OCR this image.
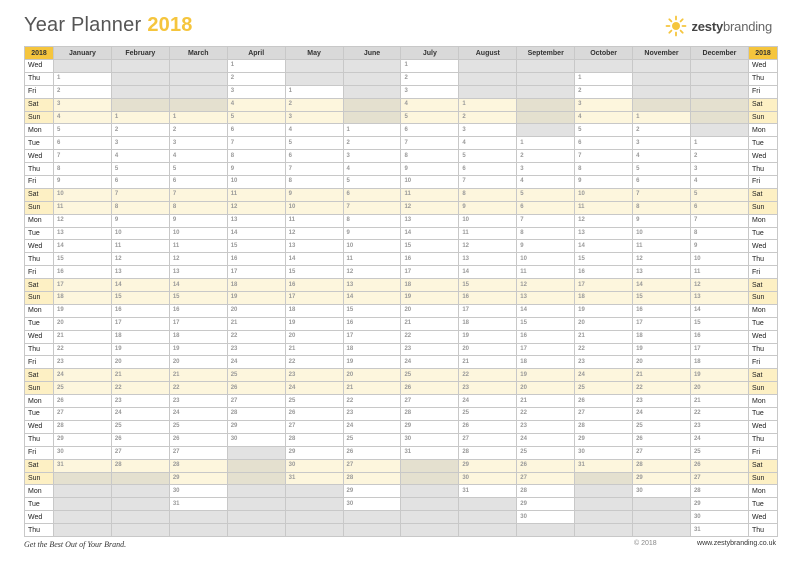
Year Planner 2018	zestybranding
2018	January	February	March	April	May	June	July	August	September	October	November	December	2018
Wed				1			1						Wed
Thu	1			2			2			1			Thu
Fri	2			3	1		3			2			Fri
Sat	3			4	2		4	1		3			Sat
Sun	4	1	1	5	3		5	2		4	1		Sun
Mon	5	2	2	6	4	1	6	3		5	2		Mon
Tue	6	3	3	7	5	2	7	4	1	6	3	1	Tue
Wed	7	4	4	8	6	3	8	5	2	7	4	2	Wed
Thu	8	5	5	9	7	4	9	6	3	8	5	3	Thu
Fri	9	6	6	10	8	5	10	7	4	9	6	4	Fri
Sat	10	7	7	11	9	6	11	8	5	10	7	5	Sat
Sun	11	8	8	12	10	7	12	9	6	11	8	6	Sun
Mon	12	9	9	13	11	8	13	10	7	12	9	7	Mon
Tue	13	10	10	14	12	9	14	11	8	13	10	8	Tue
Wed	14	11	11	15	13	10	15	12	9	14	11	9	Wed
Thu	15	12	12	16	14	11	16	13	10	15	12	10	Thu
Fri	16	13	13	17	15	12	17	14	11	16	13	11	Fri
Sat	17	14	14	18	16	13	18	15	12	17	14	12	Sat
Sun	18	15	15	19	17	14	19	16	13	18	15	13	Sun
Mon	19	16	16	20	18	15	20	17	14	19	16	14	Mon
Tue	20	17	17	21	19	16	21	18	15	20	17	15	Tue
Wed	21	18	18	22	20	17	22	19	16	21	18	16	Wed
Thu	22	19	19	23	21	18	23	20	17	22	19	17	Thu
Fri	23	20	20	24	22	19	24	21	18	23	20	18	Fri
Sat	24	21	21	25	23	20	25	22	19	24	21	19	Sat
Sun	25	22	22	26	24	21	26	23	20	25	22	20	Sun
Mon	26	23	23	27	25	22	27	24	21	26	23	21	Mon
Tue	27	24	24	28	26	23	28	25	22	27	24	22	Tue
Wed	28	25	25	29	27	24	29	26	23	28	25	23	Wed
Thu	29	26	26	30	28	25	30	27	24	29	26	24	Thu
Fri	30	27	27		29	26	31	28	25	30	27	25	Fri
Sat	31	28	28		30	27		29	26	31	28	26	Sat
Sun			29		31	28		30	27		29	27	Sun
Mon			30			29		31	28		30	28	Mon
Tue			31			30			29			29	Tue
Wed									30			30	Wed
Thu												31	Thu
Get the Best Out of Your Brand.	© 2018	www.zestybranding.co.uk
